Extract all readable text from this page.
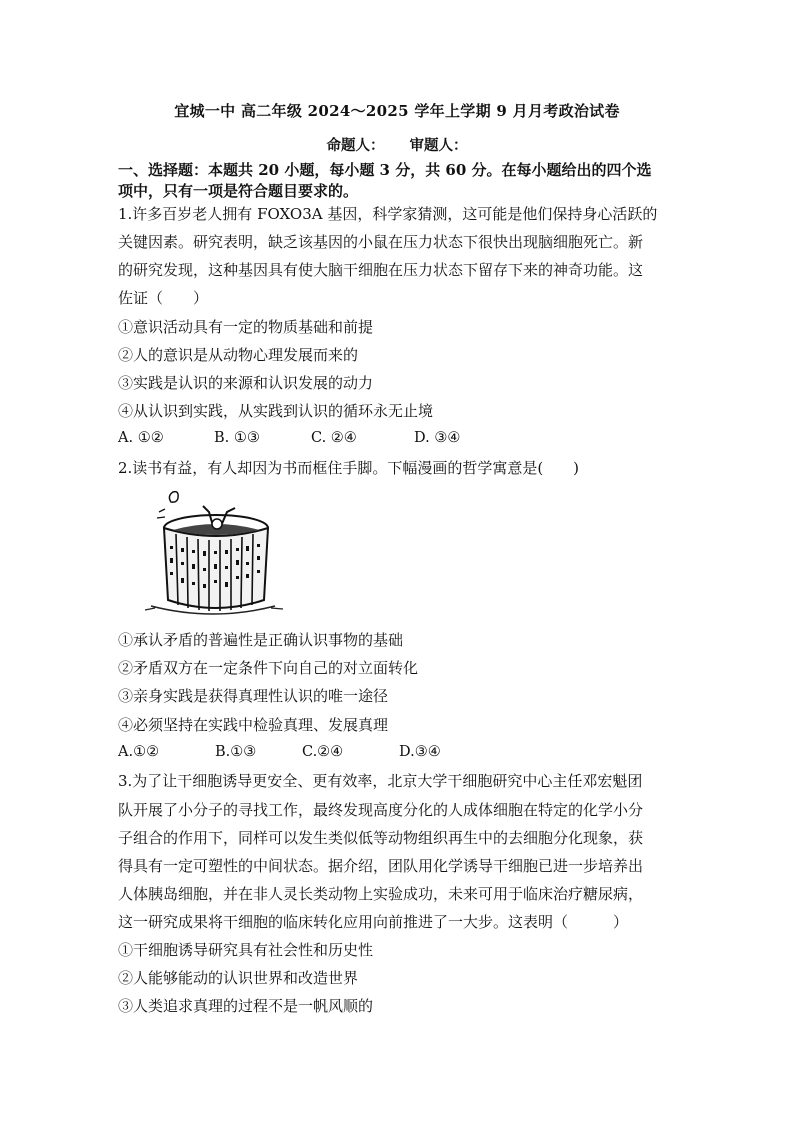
宜城一中 高二年级 2024～2025 学年上学期 9 月月考政治试卷
命题人： 审题人：
一、选择题：本题共 20 小题，每小题 3 分，共 60 分。在每小题给出的四个选
项中，只有一项是符合题目要求的。
1.许多百岁老人拥有 FOXO3A 基因，科学家猜测，这可能是他们保持身心活跃的
关键因素。研究表明，缺乏该基因的小鼠在压力状态下很快出现脑细胞死亡。新
的研究发现，这种基因具有使大脑干细胞在压力状态下留存下来的神奇功能。这
佐证（　　）
①意识活动具有一定的物质基础和前提
②人的意识是从动物心理发展而来的
③实践是认识的来源和认识发展的动力
④从认识到实践，从实践到认识的循环永无止境
A. ①②	B. ①③	C. ②④	D. ③④
2.读书有益，有人却因为书而框住手脚。下幅漫画的哲学寓意是(　　)
①承认矛盾的普遍性是正确认识事物的基础
②矛盾双方在一定条件下向自己的对立面转化
③亲身实践是获得真理性认识的唯一途径
④必须坚持在实践中检验真理、发展真理
A.①②	B.①③	C.②④	D.③④
3.为了让干细胞诱导更安全、更有效率，北京大学干细胞研究中心主任邓宏魁团
队开展了小分子的寻找工作，最终发现高度分化的人成体细胞在特定的化学小分
子组合的作用下，同样可以发生类似低等动物组织再生中的去细胞分化现象，获
得具有一定可塑性的中间状态。据介绍，团队用化学诱导干细胞已进一步培养出
人体胰岛细胞，并在非人灵长类动物上实验成功，未来可用于临床治疗糖尿病，
这一研究成果将干细胞的临床转化应用向前推进了一大步。这表明（　　　）
①干细胞诱导研究具有社会性和历史性
②人能够能动的认识世界和改造世界
③人类追求真理的过程不是一帆风顺的
